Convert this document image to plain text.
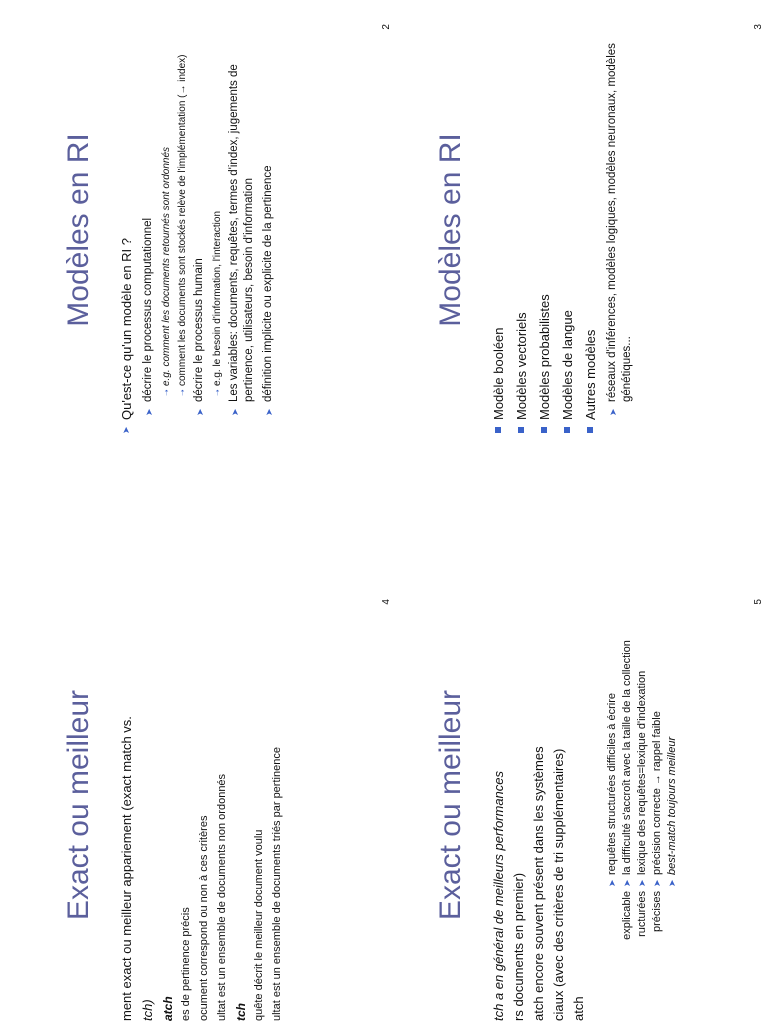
Modèles en RI
➤
Qu'est-ce qu'un modèle en RI ? ➤
décrire le processus computationnel ➝
e.g. comment les documents retournés sont ordonnés
➝
comment les documents sont stockés relève de l'implémentation (→ index)
➤
décrire le processus humain ➝
e.g. le besoin d'information, l'interaction
➤
Les variables: documents, requêtes, termes d'index, jugements de pertinence, utilisateurs, besoin d'information
➤
définition implicite ou explicite de la pertinence
2
Modèles en RI
Modèle booléen Modèles vectoriels Modèles probabilistes Modèles de langue Autres modèles ➤
réseaux d'inférences, modèles logiques, modèles neuronaux, modèles génétiques...
3
Exact ou meilleur ment exact ou meilleur appariement (exact match vs. tch) atch es de pertinence précis ocument correspond ou non à ces critères ultat est un ensemble de documents non ordonnés tch quête décrit le meilleur document voulu ultat est un ensemble de documents triés par pertinence
4
Exact ou meilleur tch a en général de meilleurs performances rs documents en premier) atch encore souvent présent dans les systèmes ciaux (avec des critères de tri supplémentaires) atch
explicable ructurées précises
➤
requêtes structurées difficiles à écrire
➤
la difficulté s'accroît avec la taille de la collection
➤
lexique des requêtes=lexique d'indexation
➤
précision correcte → rappel faible
➤
best-match toujours meilleur
5
